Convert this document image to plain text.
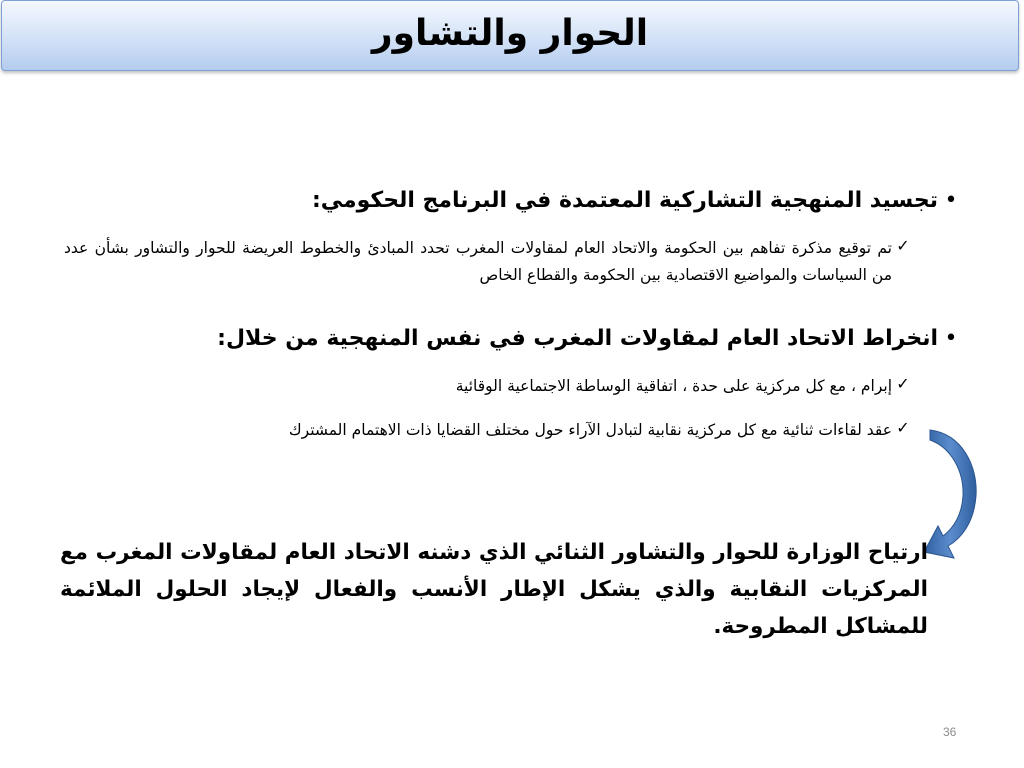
الحوار والتشاور
•
تجسيد المنهجية التشاركية المعتمدة في البرنامج الحكومي:
✓
تم توقيع مذكرة تفاهم بين الحكومة والاتحاد العام لمقاولات المغرب تحدد المبادئ والخطوط العريضة للحوار والتشاور بشأن عدد من السياسات والمواضيع الاقتصادية بين الحكومة والقطاع الخاص
•
انخراط الاتحاد العام لمقاولات المغرب في نفس المنهجية من خلال:
✓
إبرام ، مع كل مركزية على حدة ، اتفاقية الوساطة الاجتماعية الوقائية
✓
عقد لقاءات ثنائية مع كل مركزية نقابية لتبادل الآراء حول مختلف القضايا ذات الاهتمام المشترك
ارتياح الوزارة للحوار والتشاور الثنائي الذي دشنه الاتحاد العام لمقاولات المغرب مع المركزيات النقابية والذي يشكل الإطار الأنسب والفعال لإيجاد الحلول الملائمة للمشاكل المطروحة.
36
